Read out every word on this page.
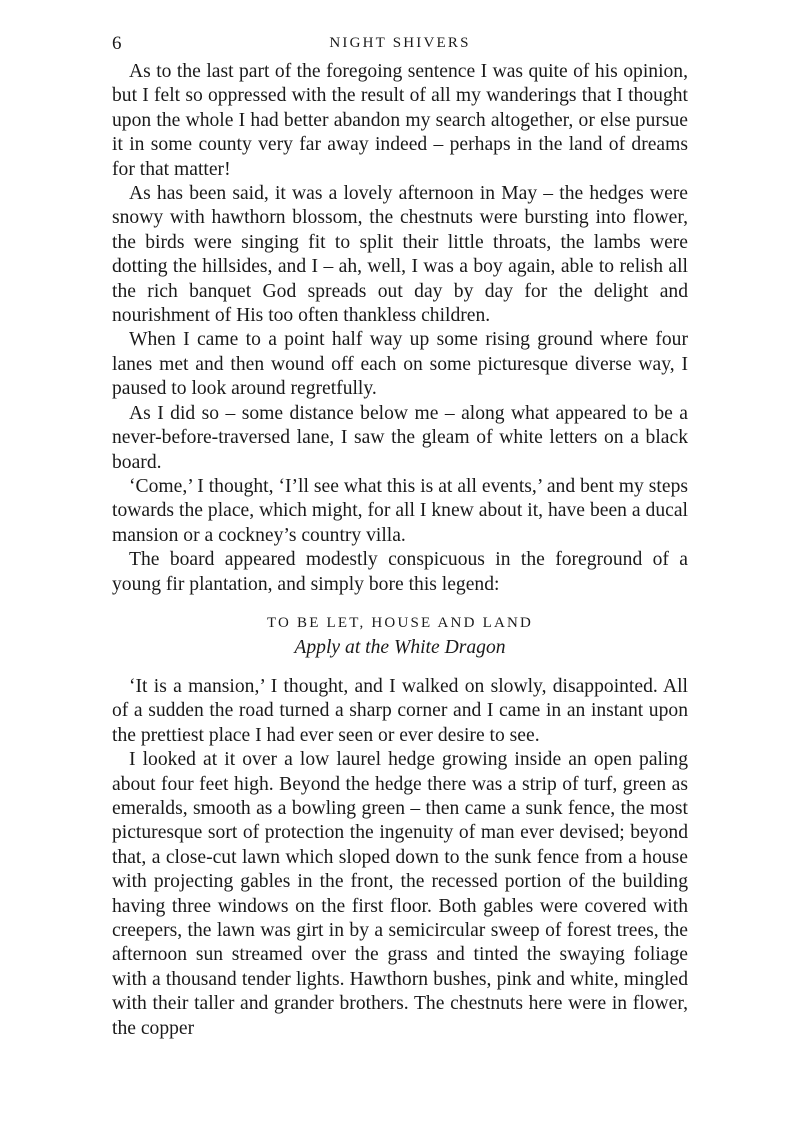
6	NIGHT SHIVERS

As to the last part of the foregoing sentence I was quite of his opinion, but I felt so oppressed with the result of all my wanderings that I thought upon the whole I had better abandon my search altogether, or else pursue it in some county very far away indeed – perhaps in the land of dreams for that matter!

As has been said, it was a lovely afternoon in May – the hedges were snowy with hawthorn blossom, the chestnuts were bursting into flower, the birds were singing fit to split their little throats, the lambs were dotting the hillsides, and I – ah, well, I was a boy again, able to relish all the rich banquet God spreads out day by day for the delight and nourishment of His too often thankless children.

When I came to a point half way up some rising ground where four lanes met and then wound off each on some picturesque diverse way, I paused to look around regretfully.

As I did so – some distance below me – along what appeared to be a never-before-traversed lane, I saw the gleam of white letters on a black board.

‘Come,’ I thought, ‘I’ll see what this is at all events,’ and bent my steps towards the place, which might, for all I knew about it, have been a ducal mansion or a cockney’s country villa.

The board appeared modestly conspicuous in the foreground of a young fir plantation, and simply bore this legend:

TO BE LET, HOUSE AND LAND
Apply at the White Dragon

‘It is a mansion,’ I thought, and I walked on slowly, disappointed. All of a sudden the road turned a sharp corner and I came in an instant upon the prettiest place I had ever seen or ever desire to see.

I looked at it over a low laurel hedge growing inside an open paling about four feet high. Beyond the hedge there was a strip of turf, green as emeralds, smooth as a bowling green – then came a sunk fence, the most picturesque sort of protection the ingenuity of man ever devised; beyond that, a close-cut lawn which sloped down to the sunk fence from a house with projecting gables in the front, the recessed portion of the building having three windows on the first floor. Both gables were covered with creepers, the lawn was girt in by a semicircular sweep of forest trees, the afternoon sun streamed over the grass and tinted the swaying foliage with a thousand tender lights. Hawthorn bushes, pink and white, mingled with their taller and grander brothers. The chestnuts here were in flower, the copper
